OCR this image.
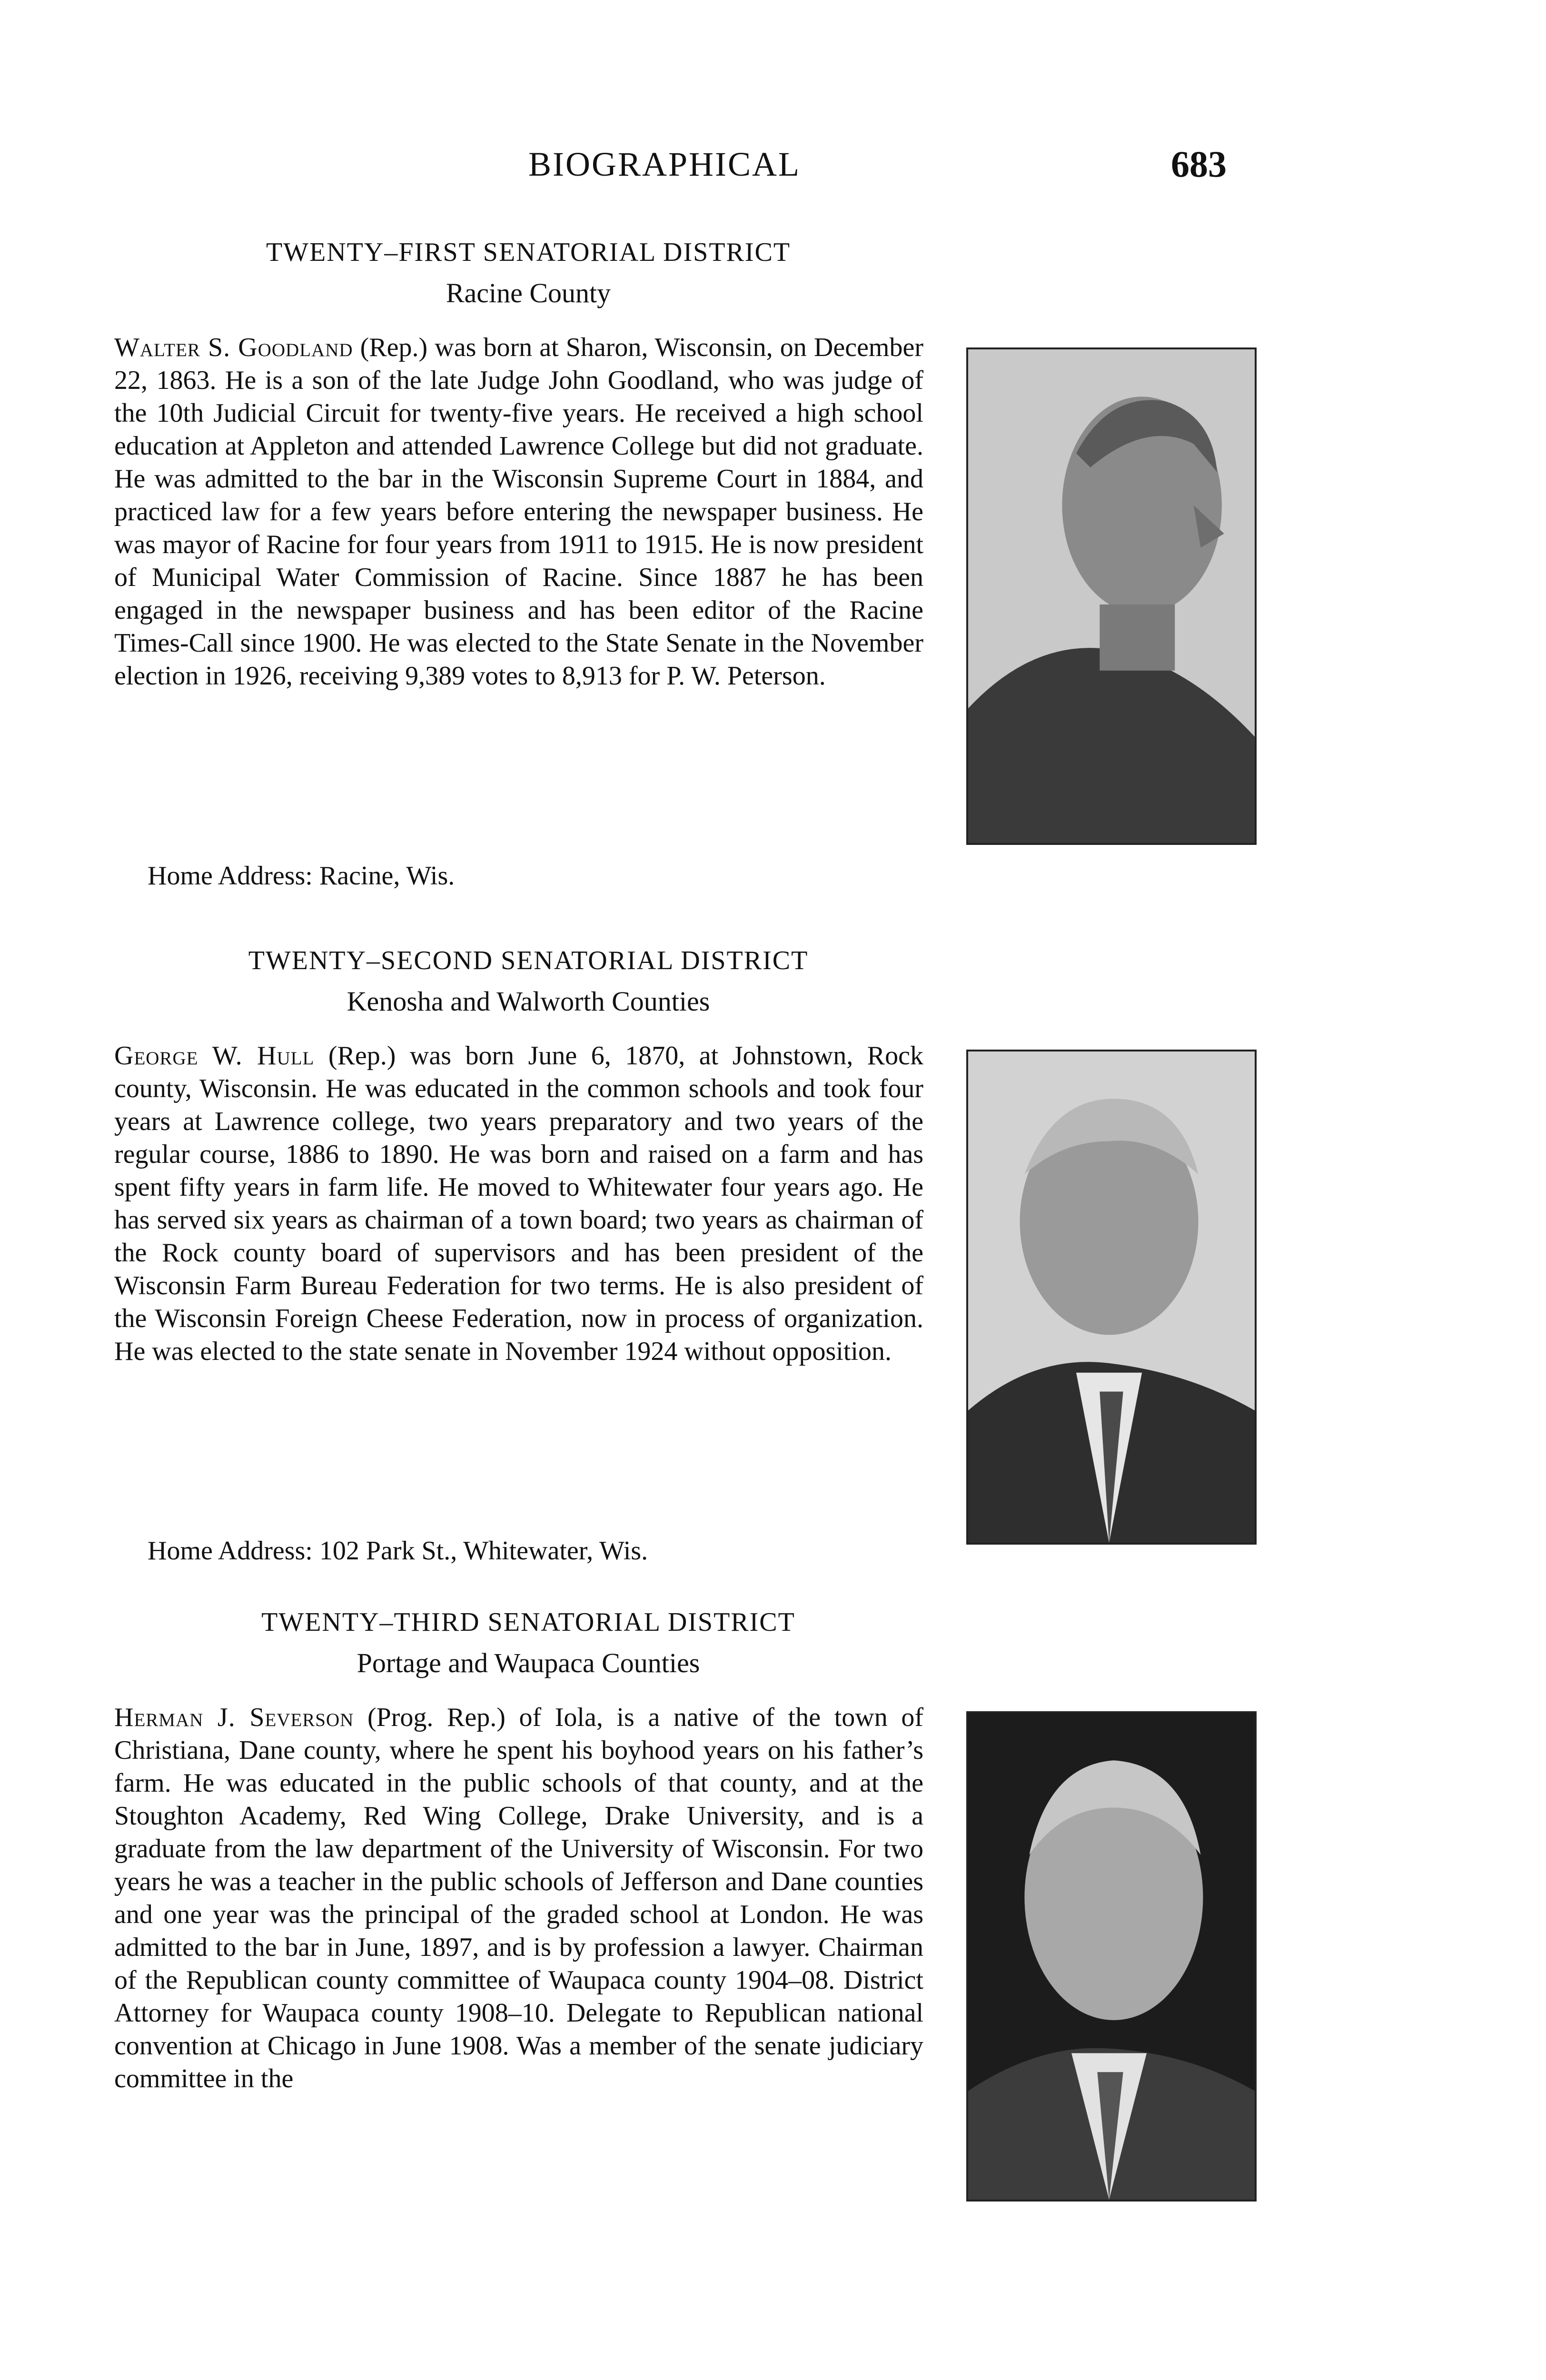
BIOGRAPHICAL	683
TWENTY–FIRST SENATORIAL DISTRICT
Racine County

Walter S. Goodland (Rep.) was born at Sharon, Wisconsin, on December 22, 1863. He is a son of the late Judge John Goodland, who was judge of the 10th Judicial Circuit for twenty-five years. He received a high school education at Appleton and attended Lawrence College but did not graduate. He was admitted to the bar in the Wisconsin Supreme Court in 1884, and practiced law for a few years before entering the newspaper business. He was mayor of Racine for four years from 1911 to 1915. He is now president of Municipal Water Commission of Racine. Since 1887 he has been engaged in the newspaper business and has been editor of the Racine Times-Call since 1900. He was elected to the State Senate in the November election in 1926, receiving 9,389 votes to 8,913 for P. W. Peterson.

Home Address: Racine, Wis.

TWENTY–SECOND SENATORIAL DISTRICT
Kenosha and Walworth Counties

George W. Hull (Rep.) was born June 6, 1870, at Johnstown, Rock county, Wisconsin. He was educated in the common schools and took four years at Lawrence college, two years preparatory and two years of the regular course, 1886 to 1890. He was born and raised on a farm and has spent fifty years in farm life. He moved to Whitewater four years ago. He has served six years as chairman of a town board; two years as chairman of the Rock county board of supervisors and has been president of the Wisconsin Farm Bureau Federation for two terms. He is also president of the Wisconsin Foreign Cheese Federation, now in process of organization. He was elected to the state senate in November 1924 without opposition.

Home Address: 102 Park St., Whitewater, Wis.

TWENTY–THIRD SENATORIAL DISTRICT
Portage and Waupaca Counties

Herman J. Severson (Prog. Rep.) of Iola, is a native of the town of Christiana, Dane county, where he spent his boyhood years on his father’s farm. He was educated in the public schools of that county, and at the Stoughton Academy, Red Wing College, Drake University, and is a graduate from the law department of the University of Wisconsin. For two years he was a teacher in the public schools of Jefferson and Dane counties and one year was the principal of the graded school at London. He was admitted to the bar in June, 1897, and is by profession a lawyer. Chairman of the Republican county committee of Waupaca county 1904–08. District Attorney for Waupaca county 1908–10. Delegate to Republican national convention at Chicago in June 1908. Was a member of the senate judiciary committee in the
